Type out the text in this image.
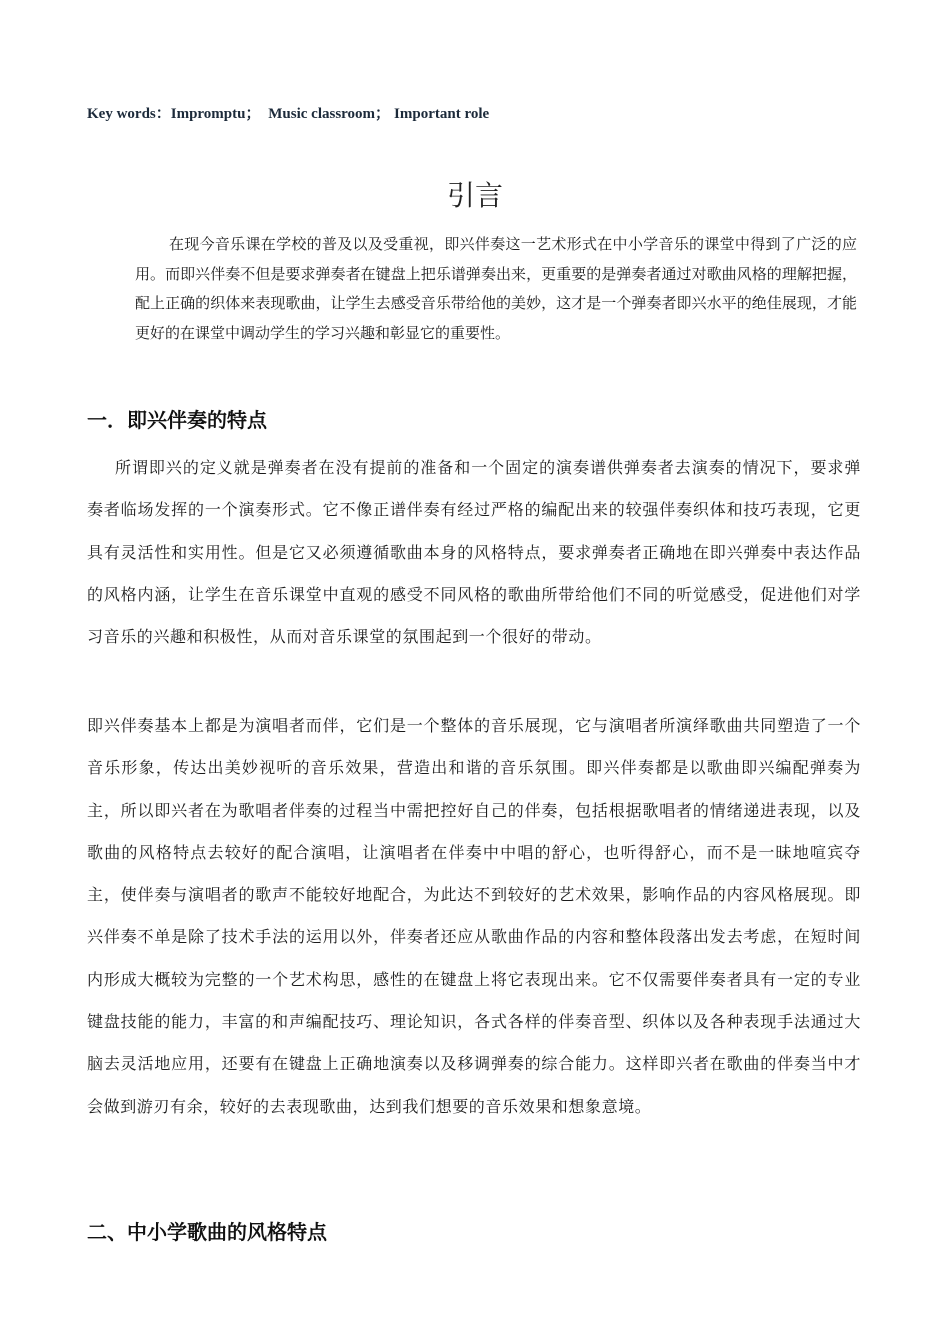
Key words：Impromptu； Music classroom； Important role
引言

在现今音乐课在学校的普及以及受重视，即兴伴奏这一艺术形式在中小学音乐的课堂中得到了广泛的应用。而即兴伴奏不但是要求弹奏者在键盘上把乐谱弹奏出来，更重要的是弹奏者通过对歌曲风格的理解把握，配上正确的织体来表现歌曲，让学生去感受音乐带给他的美妙，这才是一个弹奏者即兴水平的绝佳展现，才能更好的在课堂中调动学生的学习兴趣和彰显它的重要性。

一．即兴伴奏的特点

所谓即兴的定义就是弹奏者在没有提前的准备和一个固定的演奏谱供弹奏者去演奏的情况下，要求弹奏者临场发挥的一个演奏形式。它不像正谱伴奏有经过严格的编配出来的较强伴奏织体和技巧表现，它更具有灵活性和实用性。但是它又必须遵循歌曲本身的风格特点，要求弹奏者正确地在即兴弹奏中表达作品的风格内涵，让学生在音乐课堂中直观的感受不同风格的歌曲所带给他们不同的听觉感受，促进他们对学习音乐的兴趣和积极性，从而对音乐课堂的氛围起到一个很好的带动。

即兴伴奏基本上都是为演唱者而伴，它们是一个整体的音乐展现，它与演唱者所演绎歌曲共同塑造了一个音乐形象，传达出美妙视听的音乐效果，营造出和谐的音乐氛围。即兴伴奏都是以歌曲即兴编配弹奏为主，所以即兴者在为歌唱者伴奏的过程当中需把控好自己的伴奏，包括根据歌唱者的情绪递进表现，以及歌曲的风格特点去较好的配合演唱，让演唱者在伴奏中中唱的舒心，也听得舒心，而不是一昧地喧宾夺主，使伴奏与演唱者的歌声不能较好地配合，为此达不到较好的艺术效果，影响作品的内容风格展现。即兴伴奏不单是除了技术手法的运用以外，伴奏者还应从歌曲作品的内容和整体段落出发去考虑，在短时间内形成大概较为完整的一个艺术构思，感性的在键盘上将它表现出来。它不仅需要伴奏者具有一定的专业键盘技能的能力，丰富的和声编配技巧、理论知识，各式各样的伴奏音型、织体以及各种表现手法通过大脑去灵活地应用，还要有在键盘上正确地演奏以及移调弹奏的综合能力。这样即兴者在歌曲的伴奏当中才会做到游刃有余，较好的去表现歌曲，达到我们想要的音乐效果和想象意境。

二、中小学歌曲的风格特点
